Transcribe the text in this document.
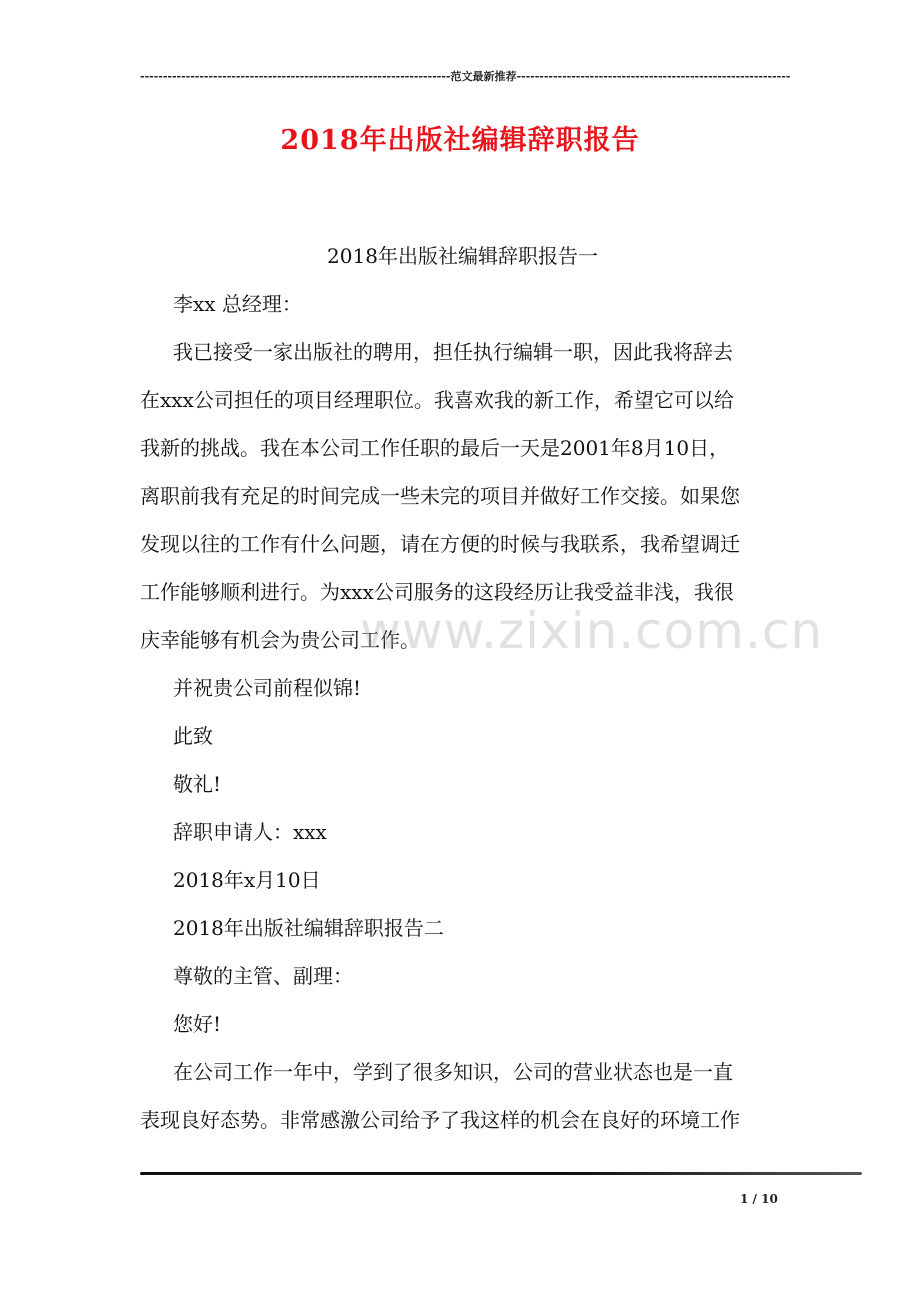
--------------------------------------------------------------------范文最新推荐------------------------------------------------------------
2018年出版社编辑辞职报告
2018年出版社编辑辞职报告一
李xx 总经理：
我已接受一家出版社的聘用，担任执行编辑一职，因此我将辞去
在xxx公司担任的项目经理职位。我喜欢我的新工作，希望它可以给
我新的挑战。我在本公司工作任职的最后一天是2001年8月10日，
离职前我有充足的时间完成一些未完的项目并做好工作交接。如果您
发现以往的工作有什么问题，请在方便的时候与我联系，我希望调迁
工作能够顺利进行。为xxx公司服务的这段经历让我受益非浅，我很
庆幸能够有机会为贵公司工作。
并祝贵公司前程似锦!
此致
敬礼!
辞职申请人：xxx
2018年x月10日
2018年出版社编辑辞职报告二
尊敬的主管、副理：
您好!
在公司工作一年中，学到了很多知识，公司的营业状态也是一直
表现良好态势。非常感激公司给予了我这样的机会在良好的环境工作
www.zixin.com.cn
1 / 10
